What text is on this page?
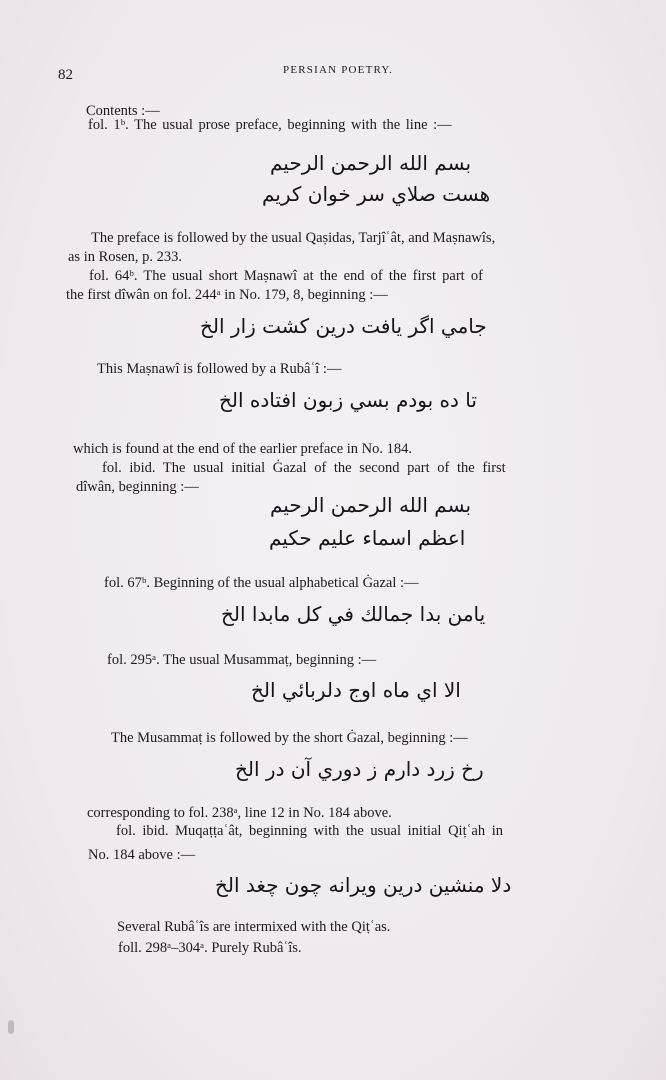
82	PERSIAN POETRY.
Contents :—
fol. 1ᵇ. The usual prose preface, beginning with the line :—
بسم الله الرحمن الرحيم
هست صلاي سر خوان كريم
The preface is followed by the usual Qaṣidas, Tarjîʿât, and Maṣnawîs,
as in Rosen, p. 233.
fol. 64ᵇ. The usual short Maṣnawî at the end of the first part of
the first dîwân on fol. 244ᵃ in No. 179, 8, beginning :—
جامي اگر يافت درين كشت زار الخ
This Maṣnawî is followed by a Rubâʿî :—
تا ده بودم بسي زبون افتاده الخ
which is found at the end of the earlier preface in No. 184.
fol. ibid. The usual initial Ġazal of the second part of the first
dîwân, beginning :—
بسم الله الرحمن الرحيم
اعظم اسماء عليم حكيم
fol. 67ᵇ. Beginning of the usual alphabetical Ġazal :—
يامن بدا جمالك في كل مابدا الخ
fol. 295ᵃ. The usual Musammaṭ, beginning :—
الا اي ماه اوج دلربائي الخ
The Musammaṭ is followed by the short Ġazal, beginning :—
رخ زرد دارم ز دوري آن در الخ
corresponding to fol. 238ᵃ, line 12 in No. 184 above.
fol. ibid. Muqaṭṭaʿât, beginning with the usual initial Qiṭʿah in
No. 184 above :—
دلا منشين درين ويرانه چون چغد الخ
Several Rubâʿîs are intermixed with the Qiṭʿas.
foll. 298ᵃ–304ᵃ. Purely Rubâʿîs.
